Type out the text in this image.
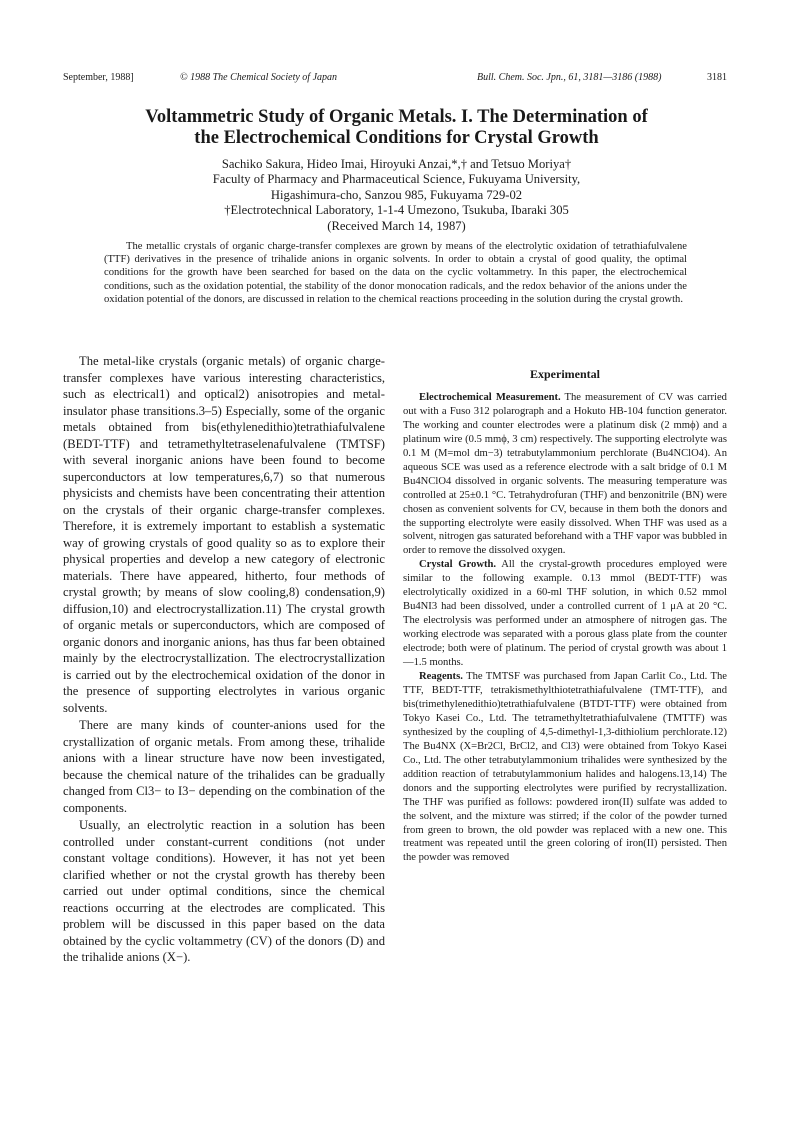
September, 1988]	© 1988 The Chemical Society of Japan	Bull. Chem. Soc. Jpn., 61, 3181—3186 (1988)	3181
Voltammetric Study of Organic Metals. I. The Determination of
the Electrochemical Conditions for Crystal Growth
Sachiko Sakura, Hideo Imai, Hiroyuki Anzai,*,† and Tetsuo Moriya†
Faculty of Pharmacy and Pharmaceutical Science, Fukuyama University,
Higashimura-cho, Sanzou 985, Fukuyama 729-02
†Electrotechnical Laboratory, 1-1-4 Umezono, Tsukuba, Ibaraki 305
(Received March 14, 1987)

The metallic crystals of organic charge-transfer complexes are grown by means of the electrolytic oxidation of tetrathiafulvalene (TTF) derivatives in the presence of trihalide anions in organic solvents. In order to obtain a crystal of good quality, the optimal conditions for the growth have been searched for based on the data on the cyclic voltammetry. In this paper, the electrochemical conditions, such as the oxidation potential, the stability of the donor monocation radicals, and the redox behavior of the anions under the oxidation potential of the donors, are discussed in relation to the chemical reactions proceeding in the solution during the crystal growth.

The metal-like crystals (organic metals) of organic charge-transfer complexes have various interesting characteristics, such as electrical1) and optical2) anisotropies and metal-insulator phase transitions.3–5) Especially, some of the organic metals obtained from bis(ethylenedithio)tetrathiafulvalene (BEDT-TTF) and tetramethyltetraselenafulvalene (TMTSF) with several inorganic anions have been found to become superconductors at low temperatures,6,7) so that numerous physicists and chemists have been concentrating their attention on the crystals of their organic charge-transfer complexes. Therefore, it is extremely important to establish a systematic way of growing crystals of good quality so as to explore their physical properties and develop a new category of electronic materials. There have appeared, hitherto, four methods of crystal growth; by means of slow cooling,8) condensation,9) diffusion,10) and electrocrystallization.11) The crystal growth of organic metals or superconductors, which are composed of organic donors and inorganic anions, has thus far been obtained mainly by the electrocrystallization. The electrocrystallization is carried out by the electrochemical oxidation of the donor in the presence of supporting electrolytes in various organic solvents.

There are many kinds of counter-anions used for the crystallization of organic metals. From among these, trihalide anions with a linear structure have now been investigated, because the chemical nature of the trihalides can be gradually changed from Cl3− to I3− depending on the combination of the components.

Usually, an electrolytic reaction in a solution has been controlled under constant-current conditions (not under constant voltage conditions). However, it has not yet been clarified whether or not the crystal growth has thereby been carried out under optimal conditions, since the chemical reactions occurring at the electrodes are complicated. This problem will be discussed in this paper based on the data obtained by the cyclic voltammetry (CV) of the donors (D) and the trihalide anions (X−).

Experimental

Electrochemical Measurement. The measurement of CV was carried out with a Fuso 312 polarograph and a Hokuto HB-104 function generator. The working and counter electrodes were a platinum disk (2 mmϕ) and a platinum wire (0.5 mmϕ, 3 cm) respectively. The supporting electrolyte was 0.1 M (M=mol dm−3) tetrabutylammonium perchlorate (Bu4NClO4). An aqueous SCE was used as a reference electrode with a salt bridge of 0.1 M Bu4NClO4 dissolved in organic solvents. The measuring temperature was controlled at 25±0.1 °C. Tetrahydrofuran (THF) and benzonitrile (BN) were chosen as convenient solvents for CV, because in them both the donors and the supporting electrolyte were easily dissolved. When THF was used as a solvent, nitrogen gas saturated beforehand with a THF vapor was bubbled in order to remove the dissolved oxygen.

Crystal Growth. All the crystal-growth procedures employed were similar to the following example. 0.13 mmol (BEDT-TTF) was electrolytically oxidized in a 60-ml THF solution, in which 0.52 mmol Bu4NI3 had been dissolved, under a controlled current of 1 μA at 20 °C. The electrolysis was performed under an atmosphere of nitrogen gas. The working electrode was separated with a porous glass plate from the counter electrode; both were of platinum. The period of crystal growth was about 1—1.5 months.

Reagents. The TMTSF was purchased from Japan Carlit Co., Ltd. The TTF, BEDT-TTF, tetrakismethylthiotetrathiafulvalene (TMT-TTF), and bis(trimethylenedithio)tetrathiafulvalene (BTDT-TTF) were obtained from Tokyo Kasei Co., Ltd. The tetramethyltetrathiafulvalene (TMTTF) was synthesized by the coupling of 4,5-dimethyl-1,3-dithiolium perchlorate.12) The Bu4NX (X=Br2Cl, BrCl2, and Cl3) were obtained from Tokyo Kasei Co., Ltd. The other tetrabutylammonium trihalides were synthesized by the addition reaction of tetrabutylammonium halides and halogens.13,14) The donors and the supporting electrolytes were purified by recrystallization. The THF was purified as follows: powdered iron(II) sulfate was added to the solvent, and the mixture was stirred; if the color of the powder turned from green to brown, the old powder was replaced with a new one. This treatment was repeated until the green coloring of iron(II) persisted. Then the powder was removed
